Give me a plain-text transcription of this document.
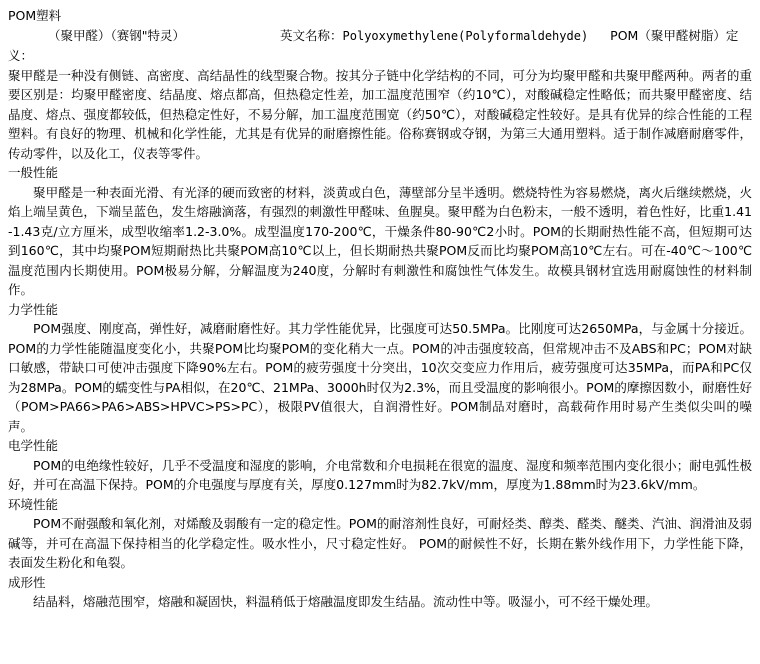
POM塑料
（聚甲醛）（赛钢"特灵）	英文名称：Polyoxymethylene(Polyformaldehyde) POM（聚甲醛树脂）定义：

聚甲醛是一种没有侧链、高密度、高结晶性的线型聚合物。按其分子链中化学结构的不同，可分为均聚甲醛和共聚甲醛两种。两者的重要区别是：均聚甲醛密度、结晶度、熔点都高，但热稳定性差，加工温度范围窄（约10℃），对酸碱稳定性略低；而共聚甲醛密度、结晶度、熔点、强度都较低，但热稳定性好，不易分解，加工温度范围宽（约50℃），对酸碱稳定性较好。是具有优异的综合性能的工程塑料。有良好的物理、机械和化学性能，尤其是有优异的耐磨擦性能。俗称赛钢或夺钢，为第三大通用塑料。适于制作减磨耐磨零件，传动零件，以及化工，仪表等零件。

一般性能

聚甲醛是一种表面光滑、有光泽的硬而致密的材料，淡黄或白色，薄壁部分呈半透明。燃烧特性为容易燃烧，离火后继续燃烧，火焰上端呈黄色，下端呈蓝色，发生熔融滴落，有强烈的刺激性甲醛味、鱼腥臭。聚甲醛为白色粉末，一般不透明，着色性好，比重1.41-1.43克/立方厘米，成型收缩率1.2-3.0%。成型温度170-200℃，干燥条件80-90℃2小时。POM的长期耐热性能不高，但短期可达到160℃，其中均聚POM短期耐热比共聚POM高10℃以上，但长期耐热共聚POM反而比均聚POM高10℃左右。可在-40℃～100℃温度范围内长期使用。POM极易分解，分解温度为240度，分解时有刺激性和腐蚀性气体发生。故模具钢材宜选用耐腐蚀性的材料制作。

力学性能

POM强度、刚度高，弹性好，减磨耐磨性好。其力学性能优异，比强度可达50.5MPa。比刚度可达2650MPa，与金属十分接近。POM的力学性能随温度变化小，共聚POM比均聚POM的变化稍大一点。POM的冲击强度较高，但常规冲击不及ABS和PC；POM对缺口敏感，带缺口可使冲击强度下降90%左右。POM的疲劳强度十分突出，10次交变应力作用后，疲劳强度可达35MPa，而PA和PC仅为28MPa。POM的蠕变性与PA相似，在20℃、21MPa、3000h时仅为2.3%，而且受温度的影响很小。POM的摩擦因数小，耐磨性好（POM>PA66>PA6>ABS>HPVC>PS>PC），极限PV值很大，自润滑性好。POM制品对磨时，高载荷作用时易产生类似尖叫的噪声。

电学性能

POM的电绝缘性较好，几乎不受温度和湿度的影响，介电常数和介电损耗在很宽的温度、湿度和频率范围内变化很小；耐电弧性极好，并可在高温下保持。POM的介电强度与厚度有关，厚度0.127mm时为82.7kV/mm，厚度为1.88mm时为23.6kV/mm。

环境性能

POM不耐强酸和氧化剂，对烯酸及弱酸有一定的稳定性。POM的耐溶剂性良好，可耐烃类、醇类、醛类、醚类、汽油、润滑油及弱碱等，并可在高温下保持相当的化学稳定性。吸水性小，尺寸稳定性好。 POM的耐候性不好，长期在紫外线作用下，力学性能下降，表面发生粉化和龟裂。

成形性

结晶料，熔融范围窄，熔融和凝固快，料温稍低于熔融温度即发生结晶。流动性中等。吸湿小，可不经干燥处理。
